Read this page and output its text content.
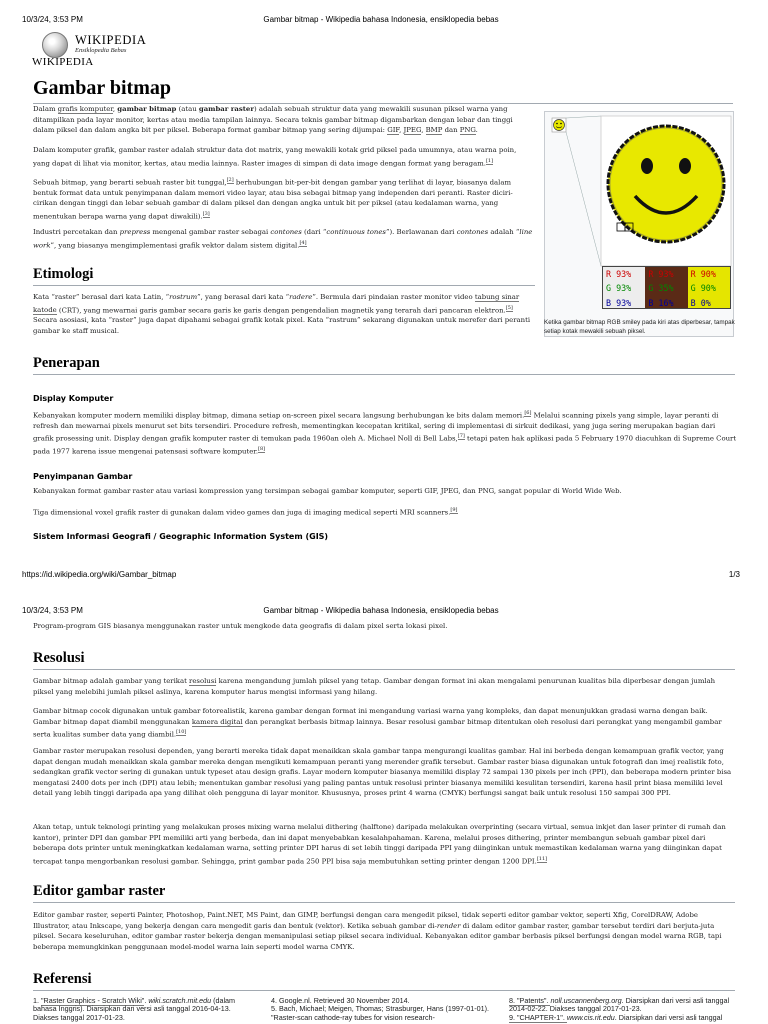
10/3/24, 3:53 PM	Gambar bitmap - Wikipedia bahasa Indonesia, ensiklopedia bebas
WIKIPEDIA
Ensiklopedia Bebas
WIKIPEDIA
Gambar bitmap

Dalam grafis komputer, gambar bitmap (atau gambar raster) adalah sebuah struktur data yang mewakili susunan piksel warna yang ditampilkan pada layar monitor, kertas atau media tampilan lainnya. Secara teknis gambar bitmap digambarkan dengan lebar dan tinggi dalam piksel dan dalam angka bit per piksel. Beberapa format gambar bitmap yang sering dijumpai: GIF, JPEG, BMP dan PNG.

Dalam komputer grafik, gambar raster adalah struktur data dot matrix, yang mewakili kotak grid piksel pada umumnya, atau warna poin, yang dapat di lihat via monitor, kertas, atau media lainnya. Raster images di simpan di data image dengan format yang beragam.[1]

Sebuah bitmap, yang berarti sebuah raster bit tunggal,[2] berhubungan bit-per-bit dengan gambar yang terlihat di layar, biasanya dalam bentuk format data untuk penyimpanan dalam memori video layar, atau bisa sebagai bitmap yang independen dari peranti. Raster diciri-cirikan dengan tinggi dan lebar sebuah gambar di dalam piksel dan dengan angka untuk bit per piksel (atau kedalaman warna, yang menentukan berapa warna yang dapat diwakili).[3]

Industri percetakan dan prepress mengenal gambar raster sebagai contones (dari “continuous tones”). Berlawanan dari contones adalah “line work”, yang biasanya mengimplementasi grafik vektor dalam sistem digital.[4]

R 93%
G 93%
B 93%
R 93%
G 35%
B 16%
R 90%
G 90%
B 0%

Ketika gambar bitmap RGB smiley pada kiri atas diperbesar, tampak setiap kotak mewakili sebuah piksel.

Etimologi

Kata “raster” berasal dari kata Latin, “rostrum”, yang berasal dari kata “radere”. Bermula dari pindaian raster monitor video tabung sinar katode (CRT), yang mewarnai garis gambar secara garis ke garis dengan pengendalian magnetik yang terarah dari pancaran elektron.[5] Secara asosiasi, kata “raster” juga dapat dipahami sebagai grafik kotak pixel. Kata “rastrum” sekarang digunakan untuk merefer dari peranti gambar ke staff musical.

Penerapan
Display Komputer

Kebanyakan komputer modern memiliki display bitmap, dimana setiap on-screen pixel secara langsung berhubungan ke bits dalam memori.[6] Melalui scanning pixels yang simple, layar peranti di refresh dan mewarnai pixels menurut set bits tersendiri. Procedure refresh, mementingkan kecepatan kritikal, sering di implementasi di sirkuit dedikasi, yang juga sering merupakan bagian dari grafik prosessing unit. Display dengan grafik komputer raster di temukan pada 1960an oleh A. Michael Noll di Bell Labs,[7] tetapi paten hak aplikasi pada 5 February 1970 diacuhkan di Supreme Court pada 1977 karena issue mengenai patensasi software komputer.[8]

Penyimpanan Gambar

Kebanyakan format gambar raster atau variasi kompression yang tersimpan sebagai gambar komputer, seperti GIF, JPEG, dan PNG, sangat popular di World Wide Web.

Tiga dimensional voxel grafik raster di gunakan dalam video games dan juga di imaging medical seperti MRI scanners.[9]

Sistem Informasi Geografi / Geographic Information System (GIS)
https://id.wikipedia.org/wiki/Gambar_bitmap	1/3
10/3/24, 3:53 PM	Gambar bitmap - Wikipedia bahasa Indonesia, ensiklopedia bebas

Program-program GIS biasanya menggunakan raster untuk mengkode data geografis di dalam pixel serta lokasi pixel.

Resolusi

Gambar bitmap adalah gambar yang terikat resolusi karena mengandung jumlah piksel yang tetap. Gambar dengan format ini akan mengalami penurunan kualitas bila diperbesar dengan jumlah piksel yang melebihi jumlah piksel aslinya, karena komputer harus mengisi informasi yang hilang.

Gambar bitmap cocok digunakan untuk gambar fotorealistik, karena gambar dengan format ini mengandung variasi warna yang kompleks, dan dapat menunjukkan gradasi warna dengan baik. Gambar bitmap dapat diambil menggunakan kamera digital dan perangkat berbasis bitmap lainnya. Besar resolusi gambar bitmap ditentukan oleh resolusi dari perangkat yang mengambil gambar serta kualitas sumber data yang diambil.[10]

Gambar raster merupakan resolusi dependen, yang berarti mereka tidak dapat menaikkan skala gambar tanpa mengurangi kualitas gambar. Hal ini berbeda dengan kemampuan grafik vector, yang dapat dengan mudah menaikkan skala gambar mereka dengan mengikuti kemampuan peranti yang merender grafik tersebut. Gambar raster biasa digunakan untuk fotografi dan imej realistik foto, sedangkan grafik vector sering di gunakan untuk typeset atau design grafis. Layar modern komputer biasanya memiliki display 72 sampai 130 pixels per inch (PPI), dan beberapa modern printer bisa mengatasi 2400 dots per inch (DPI) atau lebih; menentukan gambar resolusi yang paling pantas untuk resolusi printer biasanya memiliki kesulitan tersendiri, karena hasil print biasa memiliki level detail yang lebih tinggi daripada apa yang dilihat oleh pengguna di layar monitor. Khususnya, proses print 4 warna (CMYK) berfungsi sangat baik untuk resolusi 150 sampai 300 PPI.

Akan tetap, untuk teknologi printing yang melakukan proses mixing warna melalui dithering (halftone) daripada melakukan overprinting (secara virtual, semua inkjet dan laser printer di rumah dan kantor), printer DPI dan gambar PPI memiliki arti yang berbeda, dan ini dapat menyebabkan kesalahpahaman. Karena, melalui proses dithering, printer membangun sebuah gambar pixel dari beberapa dots printer untuk meningkatkan kedalaman warna, setting printer DPI harus di set lebih tinggi daripada PPI yang diinginkan untuk memastikan kedalaman warna yang diinginkan dapat tercapat tanpa mengorbankan resolusi gambar. Sehingga, print gambar pada 250 PPI bisa saja membutuhkan setting printer dengan 1200 DPI.[11]

Editor gambar raster

Editor gambar raster, seperti Painter, Photoshop, Paint.NET, MS Paint, dan GIMP, berfungsi dengan cara mengedit piksel, tidak seperti editor gambar vektor, seperti Xfig, CorelDRAW, Adobe Illustrator, atau Inkscape, yang bekerja dengan cara mengedit garis dan bentuk (vektor). Ketika sebuah gambar di-render di dalam editor gambar raster, gambar tersebut terdiri dari berjuta-juta piksel. Secara keseluruhan, editor gambar raster bekerja dengan memanipulasi setiap piksel secara individual. Kebanyakan editor gambar berbasis piksel berfungsi dengan model warna RGB, tapi beberapa memungkinkan penggunaan model-model warna lain seperti model warna CMYK.

Referensi
1. "Raster Graphics - Scratch Wiki". wiki.scratch.mit.edu (dalam bahasa Inggris). Diarsipkan dari versi asli tanggal 2016-04-13. Diakses tanggal 2017-01-23.
4. Google.nl. Retrieved 30 November 2014.
5. Bach, Michael; Meigen, Thomas; Strasburger, Hans (1997-01-01). "Raster-scan cathode-ray tubes for vision research-
8. "Patents". noll.uscannenberg.org. Diarsipkan dari versi asli tanggal 2014-02-22. Diakses tanggal 2017-01-23.
9. "CHAPTER-1". www.cis.rit.edu. Diarsipkan dari versi asli tanggal
